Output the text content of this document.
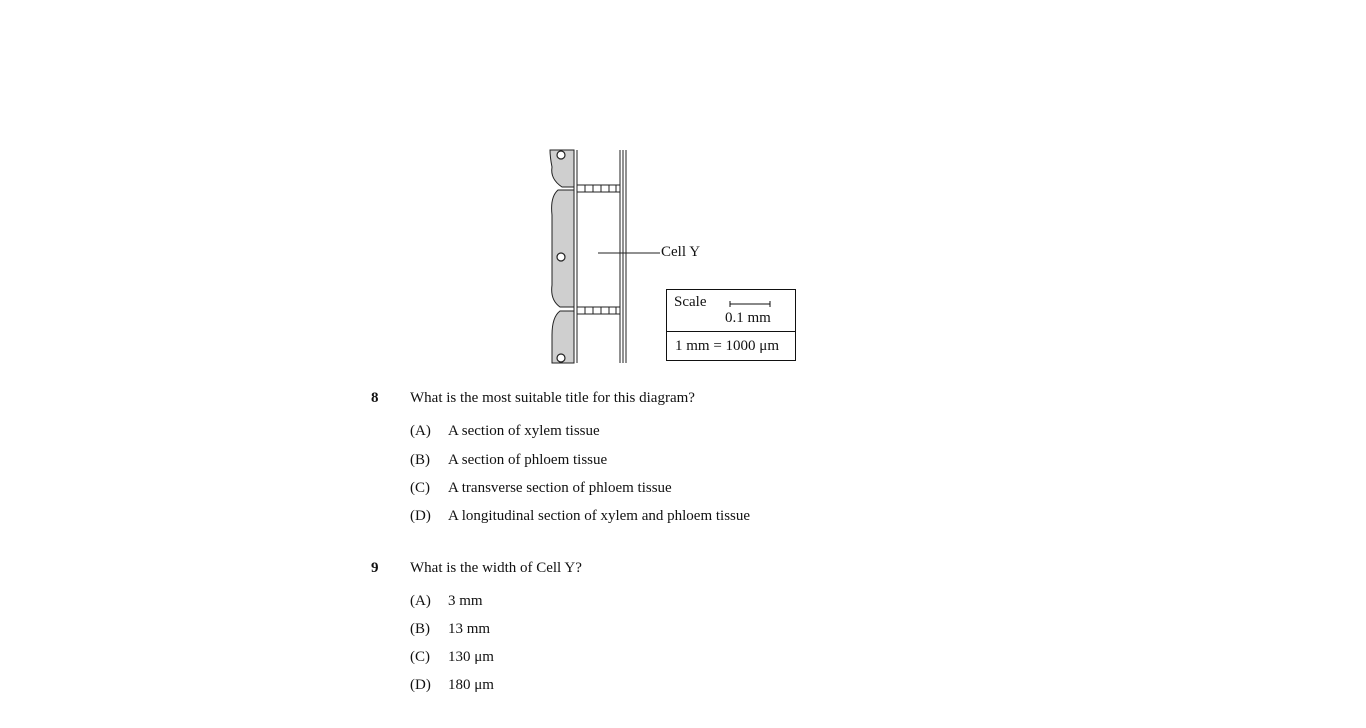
Cell Y
Scale
0.1 mm
1 mm = 1000 μm
8 What is the most suitable title for this diagram?
(A) A section of xylem tissue
(B) A section of phloem tissue
(C) A transverse section of phloem tissue
(D) A longitudinal section of xylem and phloem tissue
9 What is the width of Cell Y?
(A) 3 mm
(B) 13 mm
(C) 130 μm
(D) 180 μm
